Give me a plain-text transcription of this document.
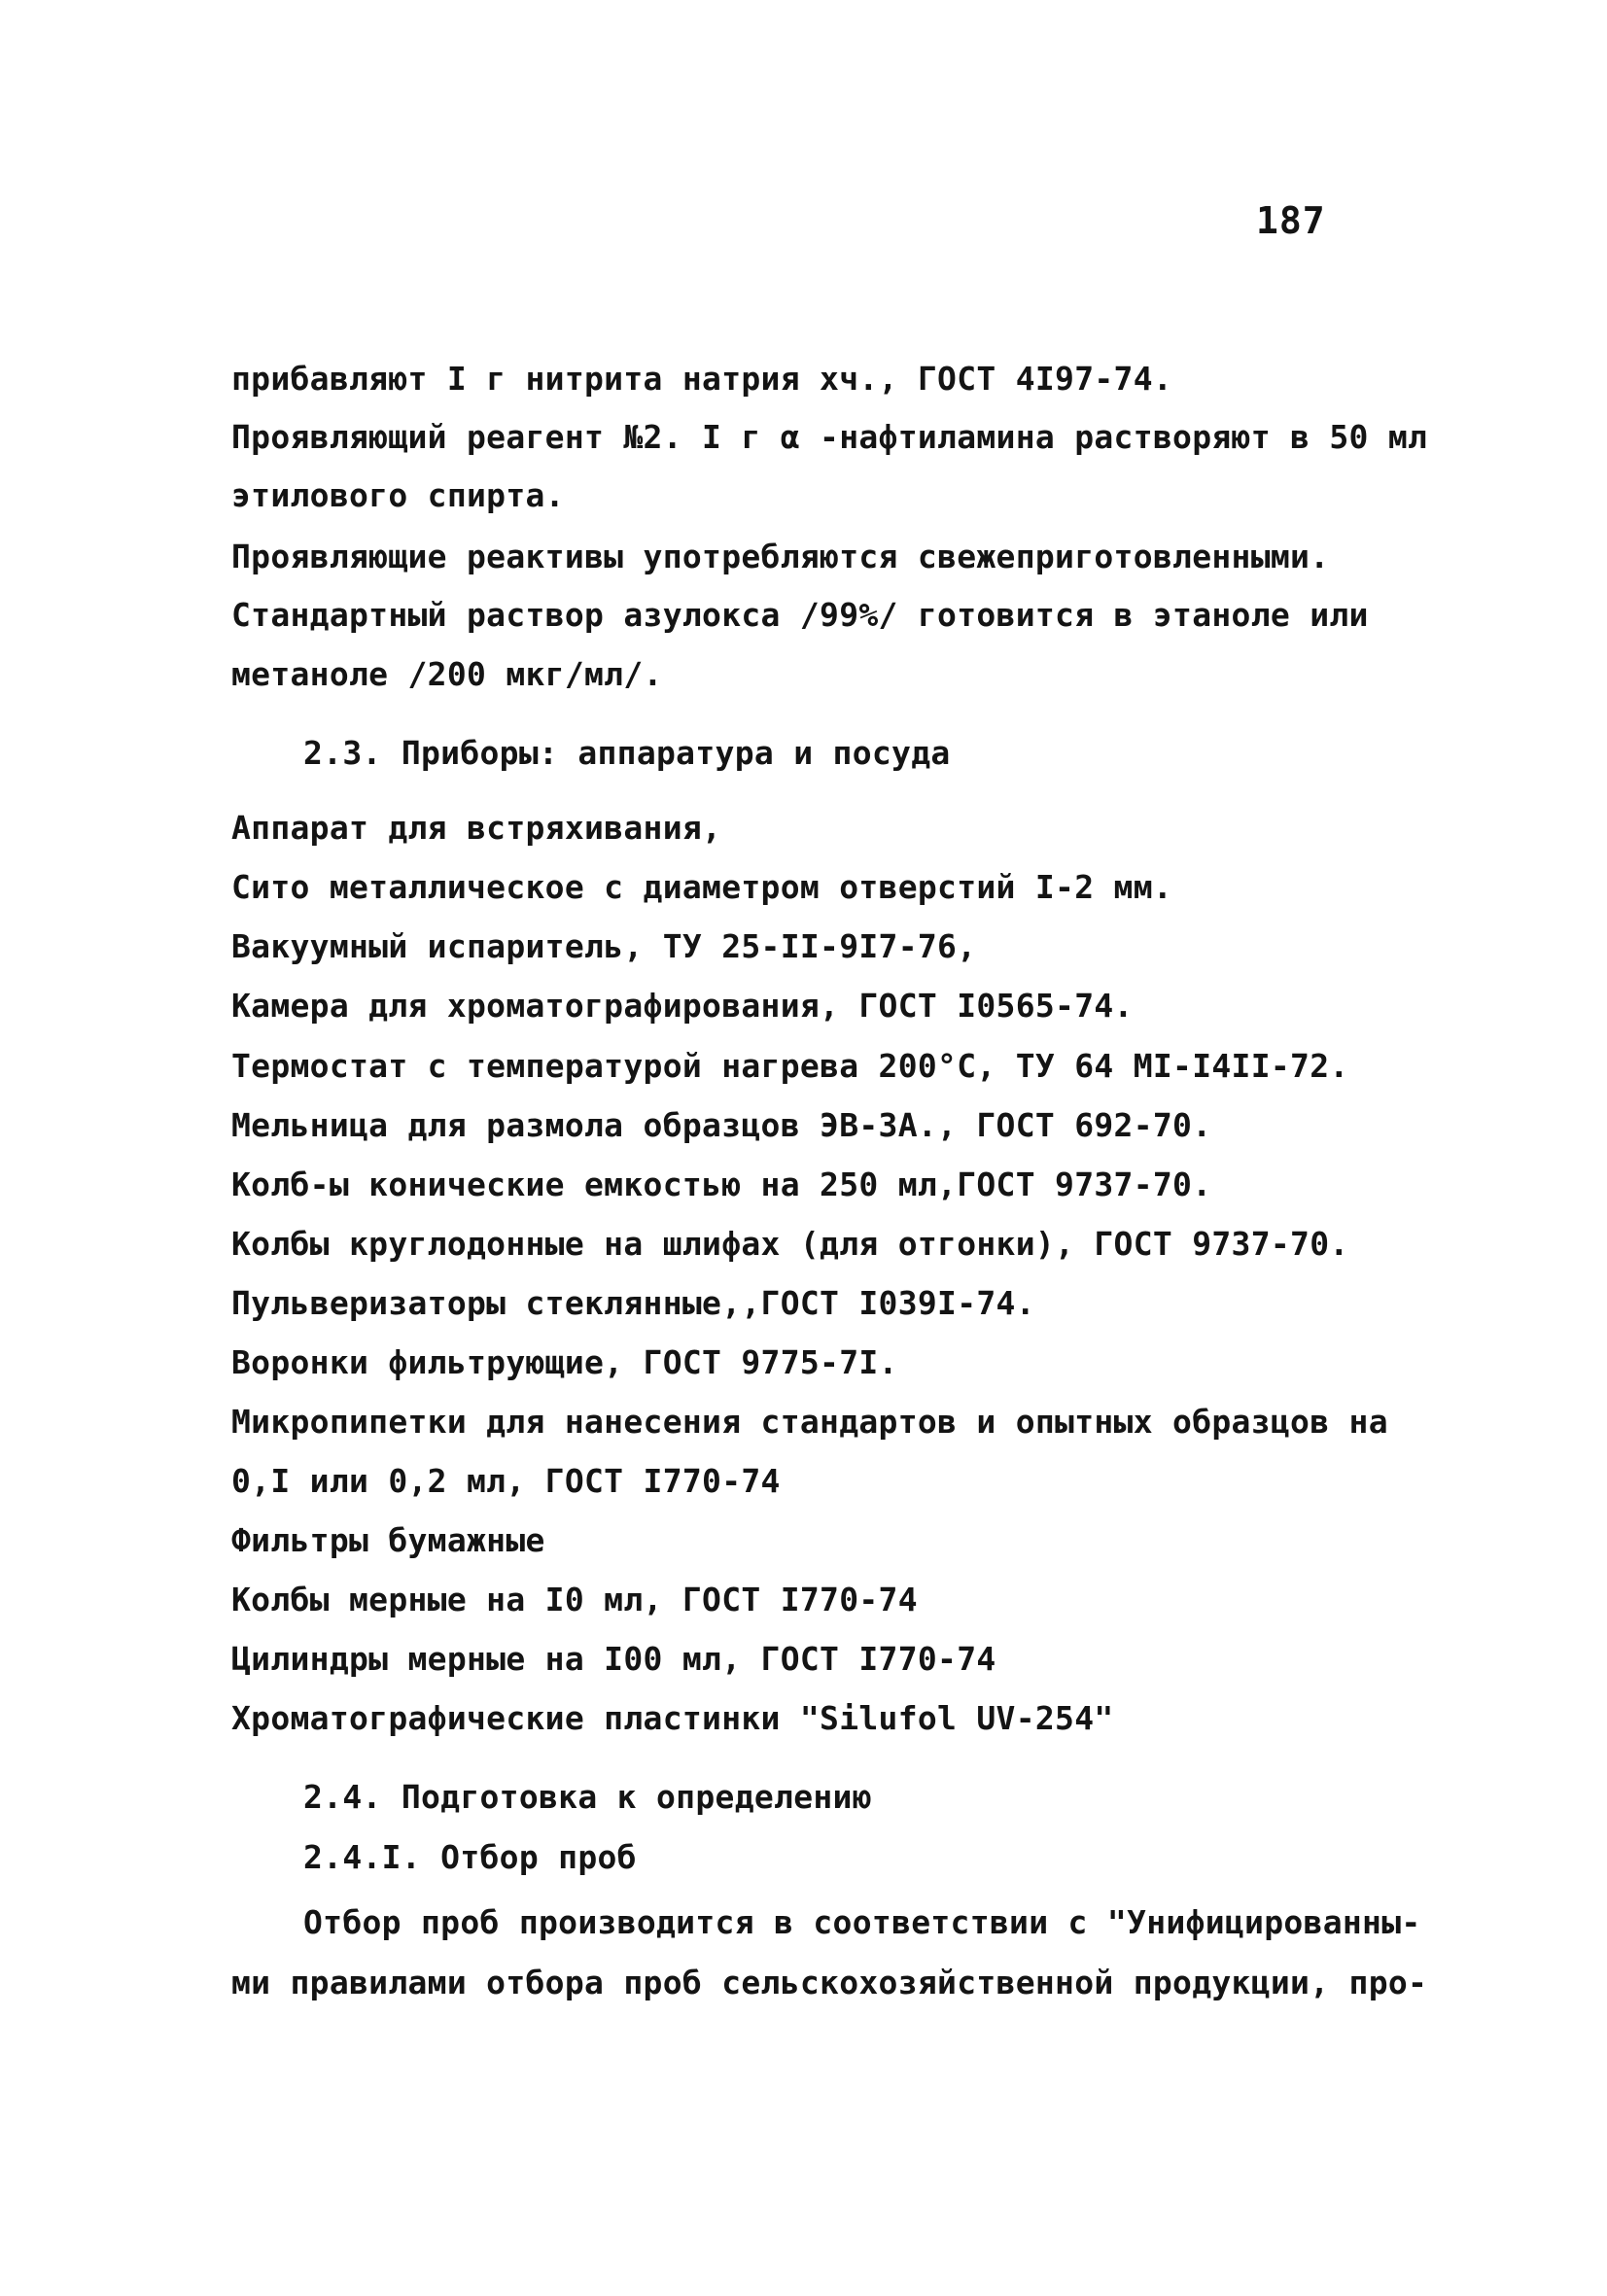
187
прибавляют I г нитрита натрия хч., ГОСТ 4I97-74.
Проявляющий реагент №2. I г α -нафтиламина растворяют в 50 мл
этилового спирта.
Проявляющие реактивы употребляются свежеприготовленными.
Стандартный раствор азулокса /99%/ готовится в этаноле или
метаноле /200 мкг/мл/.
2.3. Приборы: аппаратура и посуда
Аппарат для встряхивания,
Сито металлическое с диаметром отверстий I-2 мм.
Вакуумный испаритель, ТУ 25-II-9I7-76,
Камера для хроматографирования, ГОСТ I0565-74.
Термостат с температурой нагрева 200°С, ТУ 64 МI-I4II-72.
Мельница для размола образцов ЭВ-3А., ГОСТ 692-70.
Колб-ы конические емкостью на 250 мл,ГОСТ 9737-70.
Колбы круглодонные на шлифах (для отгонки), ГОСТ 9737-70.
Пульверизаторы стеклянные,,ГОСТ I039I-74.
Воронки фильтрующие, ГОСТ 9775-7I.
Микропипетки для нанесения стандартов и опытных образцов на
0,I или 0,2 мл, ГОСТ I770-74
Фильтры бумажные
Колбы мерные на I0 мл, ГОСТ I770-74
Цилиндры мерные на I00 мл, ГОСТ I770-74
Хроматографические пластинки "Silufol UV-254"
2.4. Подготовка к определению
2.4.I. Отбор проб
Отбор проб производится в соответствии с "Унифицированны-
ми правилами отбора проб сельскохозяйственной продукции, про-
